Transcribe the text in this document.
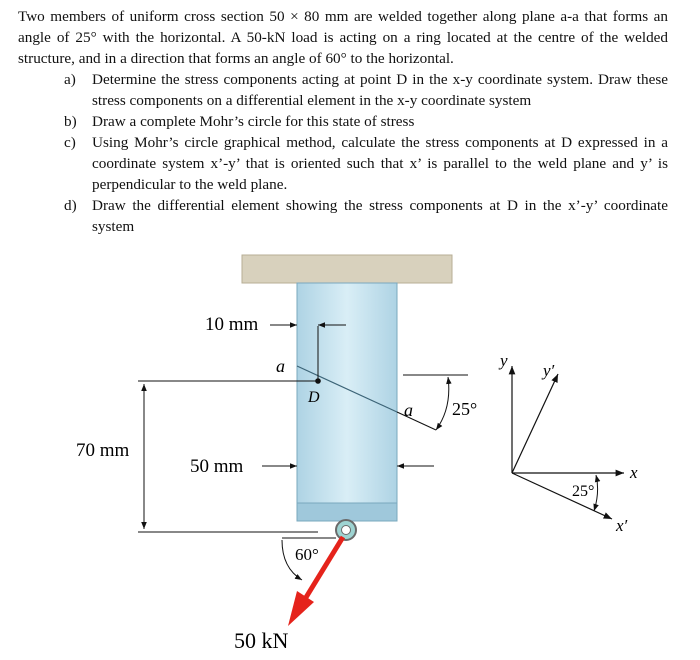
Two members of uniform cross section 50 × 80 mm are welded together along plane a-a that forms an angle of 25° with the horizontal. A 50-kN load is acting on a ring located at the centre of the welded structure, and in a direction that forms an angle of 60° to the horizontal.

a) Determine the stress components acting at point D in the x-y coordinate system. Draw these stress components on a differential element in the x-y coordinate system
b) Draw a complete Mohr’s circle for this state of stress
c) Using Mohr’s circle graphical method, calculate the stress components at D expressed in a coordinate system x’-y’ that is oriented such that x’ is parallel to the weld plane and y’ is perpendicular to the weld plane.
d) Draw the differential element showing the stress components at D in the x’-y’ coordinate system
D
10 mm
a
70 mm
50 mm
a 25°
60°
50 kN
y
y′
x
x′
25°
